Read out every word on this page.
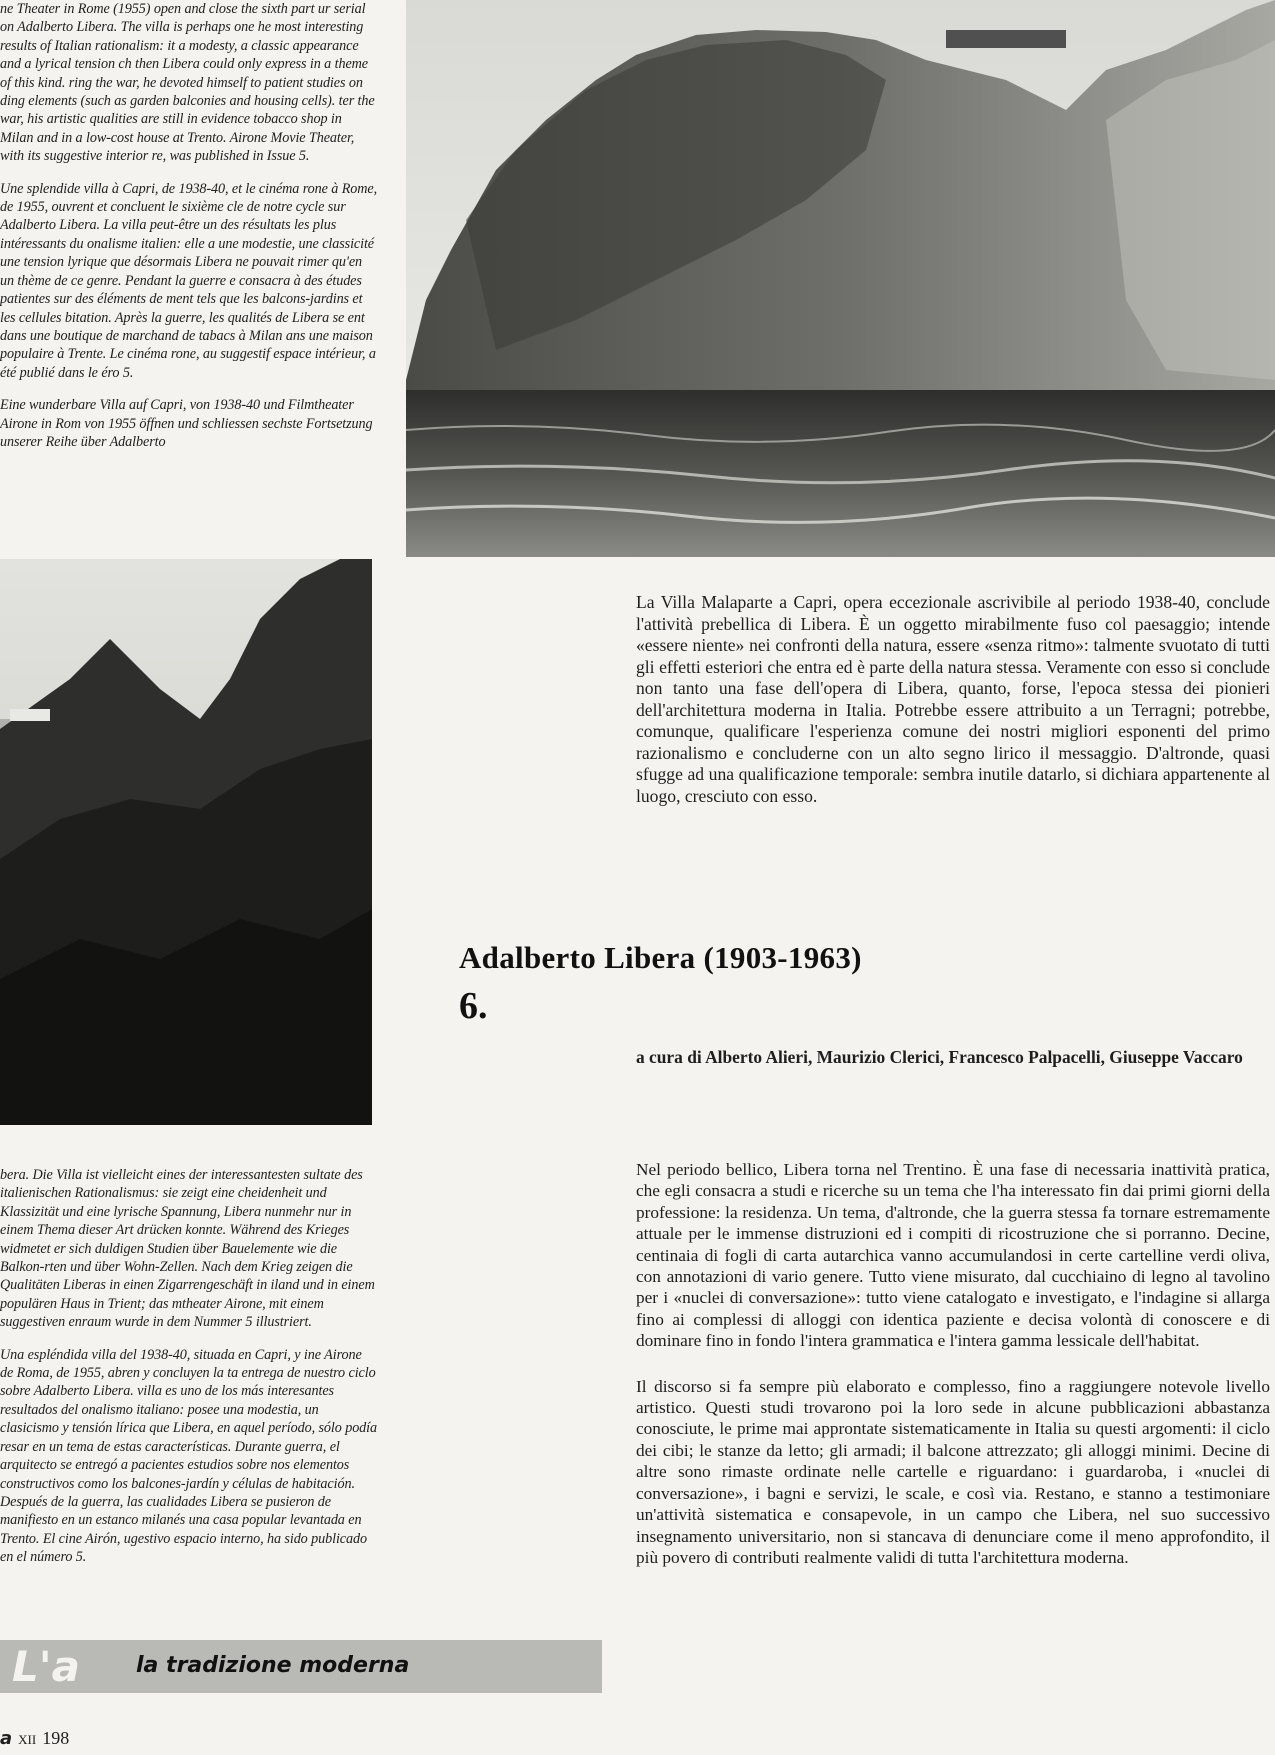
ne Theater in Rome (1955) open and close the sixth part ur serial on Adalberto Libera. The villa is perhaps one he most interesting results of Italian rationalism: it a modesty, a classic appearance and a lyrical tension ch then Libera could only express in a theme of this kind. ring the war, he devoted himself to patient studies on ding elements (such as garden balconies and housing cells). ter the war, his artistic qualities are still in evidence tobacco shop in Milan and in a low-cost house at Trento. Airone Movie Theater, with its suggestive interior re, was published in Issue 5.

Une splendide villa à Capri, de 1938-40, et le cinéma rone à Rome, de 1955, ouvrent et concluent le sixième cle de notre cycle sur Adalberto Libera. La villa peut-être un des résultats les plus intéressants du onalisme italien: elle a une modestie, une classicité une tension lyrique que désormais Libera ne pouvait rimer qu'en un thème de ce genre. Pendant la guerre e consacra à des études patientes sur des éléments de ment tels que les balcons-jardins et les cellules bitation. Après la guerre, les qualités de Libera se ent dans une boutique de marchand de tabacs à Milan ans une maison populaire à Trente. Le cinéma rone, au suggestif espace intérieur, a été publié dans le éro 5.

Eine wunderbare Villa auf Capri, von 1938-40 und Filmtheater Airone in Rom von 1955 öffnen und schliessen sechste Fortsetzung unserer Reihe über Adalberto

bera. Die Villa ist vielleicht eines der interessantesten sultate des italienischen Rationalismus: sie zeigt eine cheidenheit und Klassizität und eine lyrische Spannung, Libera nunmehr nur in einem Thema dieser Art drücken konnte. Während des Krieges widmetet er sich duldigen Studien über Bauelemente wie die Balkon-rten und über Wohn-Zellen. Nach dem Krieg zeigen die Qualitäten Liberas in einen Zigarrengeschäft in iland und in einem populären Haus in Trient; das mtheater Airone, mit einem suggestiven enraum wurde in dem Nummer 5 illustriert.

Una espléndida villa del 1938-40, situada en Capri, y ine Airone de Roma, de 1955, abren y concluyen la ta entrega de nuestro ciclo sobre Adalberto Libera. villa es uno de los más interesantes resultados del onalismo italiano: posee una modestia, un clasicismo y tensión lírica que Libera, en aquel período, sólo podía resar en un tema de estas características. Durante guerra, el arquitecto se entregó a pacientes estudios sobre nos elementos constructivos como los balcones-jardín y células de habitación. Después de la guerra, las cualidades Libera se pusieron de manifiesto en un estanco milanés una casa popular levantada en Trento. El cine Airón, ugestivo espacio interno, ha sido publicado en el número 5.

La Villa Malaparte a Capri, opera eccezionale ascrivibile al periodo 1938-40, conclude l'attività prebellica di Libera. È un oggetto mirabilmente fuso col paesaggio; intende «essere niente» nei confronti della natura, essere «senza ritmo»: talmente svuotato di tutti gli effetti esteriori che entra ed è parte della natura stessa. Veramente con esso si conclude non tanto una fase dell'opera di Libera, quanto, forse, l'epoca stessa dei pionieri dell'architettura moderna in Italia. Potrebbe essere attribuito a un Terragni; potrebbe, comunque, qualificare l'esperienza comune dei nostri migliori esponenti del primo razionalismo e concluderne con un alto segno lirico il messaggio. D'altronde, quasi sfugge ad una qualificazione temporale: sembra inutile datarlo, si dichiara appartenente al luogo, cresciuto con esso.

Adalberto Libera (1903-1963)
6.
a cura di Alberto Alieri, Maurizio Clerici, Francesco Palpacelli, Giuseppe Vaccaro

Nel periodo bellico, Libera torna nel Trentino. È una fase di necessaria inattività pratica, che egli consacra a studi e ricerche su un tema che l'ha interessato fin dai primi giorni della professione: la residenza. Un tema, d'altronde, che la guerra stessa fa tornare estremamente attuale per le immense distruzioni ed i compiti di ricostruzione che si porranno. Decine, centinaia di fogli di carta autarchica vanno accumulandosi in certe cartelline verdi oliva, con annotazioni di vario genere. Tutto viene misurato, dal cucchiaino di legno al tavolino per i «nuclei di conversazione»: tutto viene catalogato e investigato, e l'indagine si allarga fino ai complessi di alloggi con identica paziente e decisa volontà di conoscere e di dominare fino in fondo l'intera grammatica e l'intera gamma lessicale dell'habitat.

Il discorso si fa sempre più elaborato e complesso, fino a raggiungere notevole livello artistico. Questi studi trovarono poi la loro sede in alcune pubblicazioni abbastanza conosciute, le prime mai approntate sistematicamente in Italia su questi argomenti: il ciclo dei cibi; le stanze da letto; gli armadi; il balcone attrezzato; gli alloggi minimi. Decine di altre sono rimaste ordinate nelle cartelle e riguardano: i guardaroba, i «nuclei di conversazione», i bagni e servizi, le scale, e così via. Restano, e stanno a testimoniare un'attività sistematica e consapevole, in un campo che Libera, nel suo successivo insegnamento universitario, non si stancava di denunciare come il meno approfondito, il più povero di contributi realmente validi di tutta l'architettura moderna.

L'a	la tradizione moderna
a XII 198
